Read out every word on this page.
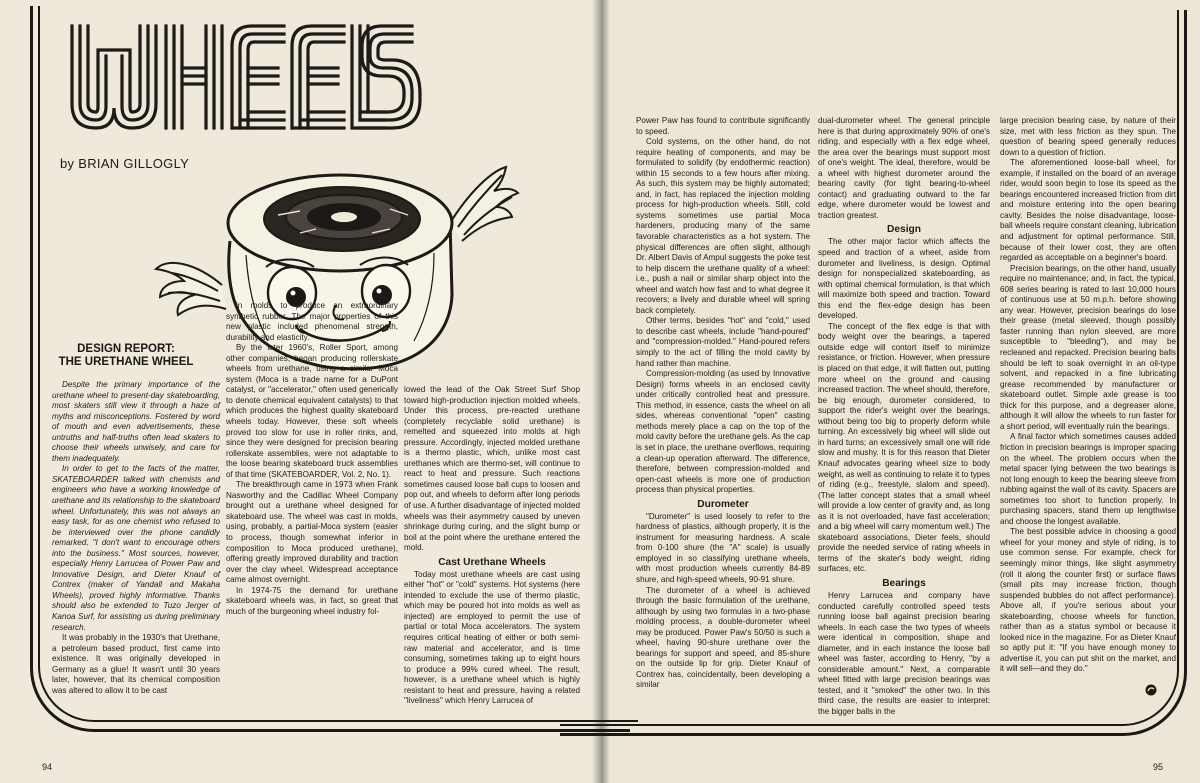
by BRIAN GILLOGLY
DESIGN REPORT:
THE URETHANE WHEEL

Despite the primary importance of the urethane wheel to present-day skateboarding, most skaters still view it through a haze of myths and misconceptions. Fostered by word of mouth and even advertisements, these untruths and half-truths often lead skaters to choose their wheels unwisely, and care for them inadequately.

In order to get to the facts of the matter, SKATEBOARDER talked with chemists and engineers who have a working knowledge of urethane and its relationship to the skateboard wheel. Unfortunately, this was not always an easy task, for as one chemist who refused to be interviewed over the phone candidly remarked, "I don't want to encourage others into the business." Most sources, however, especially Henry Larrucea of Power Paw and Innovative Design, and Dieter Knauf of Contrex (maker of Yandall and Makaha Wheels), proved highly informative. Thanks should also be extended to Tuzo Jerger of Kanoa Surf, for assisting us during preliminary research.

It was probably in the 1930's that Urethane, a petroleum based product, first came into existence. It was originally developed in Germany as a glue! It wasn't until 30 years later, however, that its chemical composition was altered to allow it to be cast

in molds to produce an extraordinary synthetic rubber. The major properties of this new plastic included phenomenal strength, durability and elasticity.

By the later 1960's, Roller Sport, among other companies, began producing rollerskate wheels from urethane, using a similar Moca system (Moca is a trade name for a DuPont catalyst, or "accelerator," often used generically to denote chemical equivalent catalysts) to that which produces the highest quality skateboard wheels today. However, these soft wheels proved too slow for use in roller rinks, and, since they were designed for precision bearing rollerskate assemblies, were not adaptable to the loose bearing skateboard truck assemblies of that time (SKATEBOARDER, Vol. 2, No. 1).

The breakthrough came in 1973 when Frank Nasworthy and the Cadillac Wheel Company brought out a urethane wheel designed for skateboard use. The wheel was cast in molds, using, probably, a partial-Moca system (easier to process, though somewhat inferior in composition to Moca produced urethane), offering greatly improved durability and traction over the clay wheel. Widespread acceptance came almost overnight.

In 1974-75 the demand for urethane skateboard wheels was, in fact, so great that much of the burgeoning wheel industry fol-

lowed the lead of the Oak Street Surf Shop toward high-production injection molded wheels. Under this process, pre-reacted urethane (completely recyclable solid urethane) is remelted and squeezed into molds at high pressure. Accordingly, injected molded urethane is a thermo plastic, which, unlike most cast urethanes which are thermo-set, will continue to react to heat and pressure. Such reactions sometimes caused loose ball cups to loosen and pop out, and wheels to deform after long periods of use. A further disadvantage of injected molded wheels was their asymmetry caused by uneven shrinkage during curing, and the slight bump or boil at the point where the urethane entered the mold.

Cast Urethane Wheels

Today most urethane wheels are cast using either "hot" or "cold" systems. Hot systems (here intended to exclude the use of thermo plastic, which may be poured hot into molds as well as injected) are employed to permit the use of partial or total Moca accelerators. The system requires critical heating of either or both semi-raw material and accelerator, and is time consuming, sometimes taking up to eight hours to produce a 99% cured wheel. The result, however, is a urethane wheel which is highly resistant to heat and pressure, having a related "liveliness" which Henry Larrucea of

94	95

Power Paw has found to contribute significantly to speed.

Cold systems, on the other hand, do not require heating of components, and may be formulated to solidify (by endothermic reaction) within 15 seconds to a few hours after mixing. As such, this system may be highly automated; and, in fact, has replaced the injection molding process for high-production wheels. Still, cold systems sometimes use partial Moca hardeners, producing many of the same favorable characteristics as a hot system. The physical differences are often slight, although Dr. Albert Davis of Ampul suggests the poke test to help discern the urethane quality of a wheel: i.e., push a nail or similar sharp object into the wheel and watch how fast and to what degree it recovers; a lively and durable wheel will spring back completely.

Other terms, besides "hot" and "cold," used to describe cast wheels, include "hand-poured" and "compression-molded." Hand-poured refers simply to the act of filling the mold cavity by hand rather than machine.

Compression-molding (as used by Innovative Design) forms wheels in an enclosed cavity under critically controlled heat and pressure. This method, in essence, casts the wheel on all sides, whereas conventional "open" casting methods merely place a cap on the top of the mold cavity before the urethane gels. As the cap is set in place, the urethane overflows, requiring a clean-up operation afterward. The difference, therefore, between compression-molded and open-cast wheels is more one of production process than physical properties.

Durometer

"Durometer" is used loosely to refer to the hardness of plastics, although properly, it is the instrument for measuring hardness. A scale from 0-100 shure (the "A" scale) is usually employed in so classifying urethane wheels, with most production wheels currently 84-89 shure, and high-speed wheels, 90-91 shure.

The durometer of a wheel is achieved through the basic formulation of the urethane, although by using two formulas in a two-phase molding process, a double-durometer wheel may be produced. Power Paw's 50/50 is such a wheel, having 90-shure urethane over the bearings for support and speed, and 85-shure on the outside lip for grip. Dieter Knauf of Contrex has, coincidentally, been developing a similar

dual-durometer wheel. The general principle here is that during approximately 90% of one's riding, and especially with a flex edge wheel, the area over the bearings must support most of one's weight. The ideal, therefore, would be a wheel with highest durometer around the bearing cavity (for tight bearing-to-wheel contact) and graduating outward to the far edge, where durometer would be lowest and traction greatest.

Design

The other major factor which affects the speed and traction of a wheel, aside from durometer and liveliness, is design. Optimal design for nonspecialized skateboarding, as with optimal chemical formulation, is that which will maximize both speed and traction. Toward this end the flex-edge design has been developed.

The concept of the flex edge is that with body weight over the bearings, a tapered outside edge will contort itself to minimize resistance, or friction. However, when pressure is placed on that edge, it will flatten out, putting more wheel on the ground and causing increased traction. The wheel should, therefore, be big enough, durometer considered, to support the rider's weight over the bearings, without being too big to properly deform while turning. An excessively big wheel will slide out in hard turns; an excessively small one will ride slow and mushy. It is for this reason that Dieter Knauf advocates gearing wheel size to body weight, as well as continuing to relate it to types of riding (e.g., freestyle, slalom and speed). (The latter concept states that a small wheel will provide a low center of gravity and, as long as it is not overloaded, have fast acceleration; and a big wheel will carry momentum well.) The skateboard associations, Dieter feels, should provide the needed service of rating wheels in terms of the skater's body weight, riding surfaces, etc.

Bearings

Henry Larrucea and company have conducted carefully controlled speed tests running loose ball against precision bearing wheels. In each case the two types of wheels were identical in composition, shape and diameter, and in each instance the loose ball wheel was faster, according to Henry, "by a considerable amount." Next, a comparable wheel fitted with large precision bearings was tested, and it "smoked" the other two. In this third case, the results are easier to interpret: the bigger balls in the

large precision bearing case, by nature of their size, met with less friction as they spun. The question of bearing speed generally reduces down to a question of friction.

The aforementioned loose-ball wheel, for example, if installed on the board of an average rider, would soon begin to lose its speed as the bearings encountered increased friction from dirt and moisture entering into the open bearing cavity. Besides the noise disadvantage, loose-ball wheels require constant cleaning, lubrication and adjustment for optimal performance. Still, because of their lower cost, they are often regarded as acceptable on a beginner's board.

Precision bearings, on the other hand, usually require no maintenance; and, in fact, the typical, 608 series bearing is rated to last 10,000 hours of continuous use at 50 m.p.h. before showing any wear. However, precision bearings do lose their grease (metal sleeved, though possibly faster running than nylon sleeved, are more susceptible to "bleeding"), and may be recleaned and repacked. Precision bearing balls should be left to soak overnight in an oil-type solvent, and repacked in a fine lubricating grease recommended by manufacturer or skateboard outlet. Simple axle grease is too thick for this purpose, and a degreaser alone, although it will allow the wheels to run faster for a short period, will eventually ruin the bearings.

A final factor which sometimes causes added friction in precision bearings is improper spacing on the wheel. The problem occurs when the metal spacer lying between the two bearings is not long enough to keep the bearing sleeve from rubbing against the wall of its cavity. Spacers are sometimes too short to function properly. In purchasing spacers, stand them up lengthwise and choose the longest available.

The best possible advice in choosing a good wheel for your money and style of riding, is to use common sense. For example, check for seemingly minor things, like slight asymmetry (roll it along the counter first) or surface flaws (small pits may increase friction, though suspended bubbles do not affect performance). Above all, if you're serious about your skateboarding, choose wheels for function, rather than as a status symbol or because it looked nice in the magazine. For as Dieter Knauf so aptly put it: "If you have enough money to advertise it, you can put shit on the market, and it will sell—and they do."
